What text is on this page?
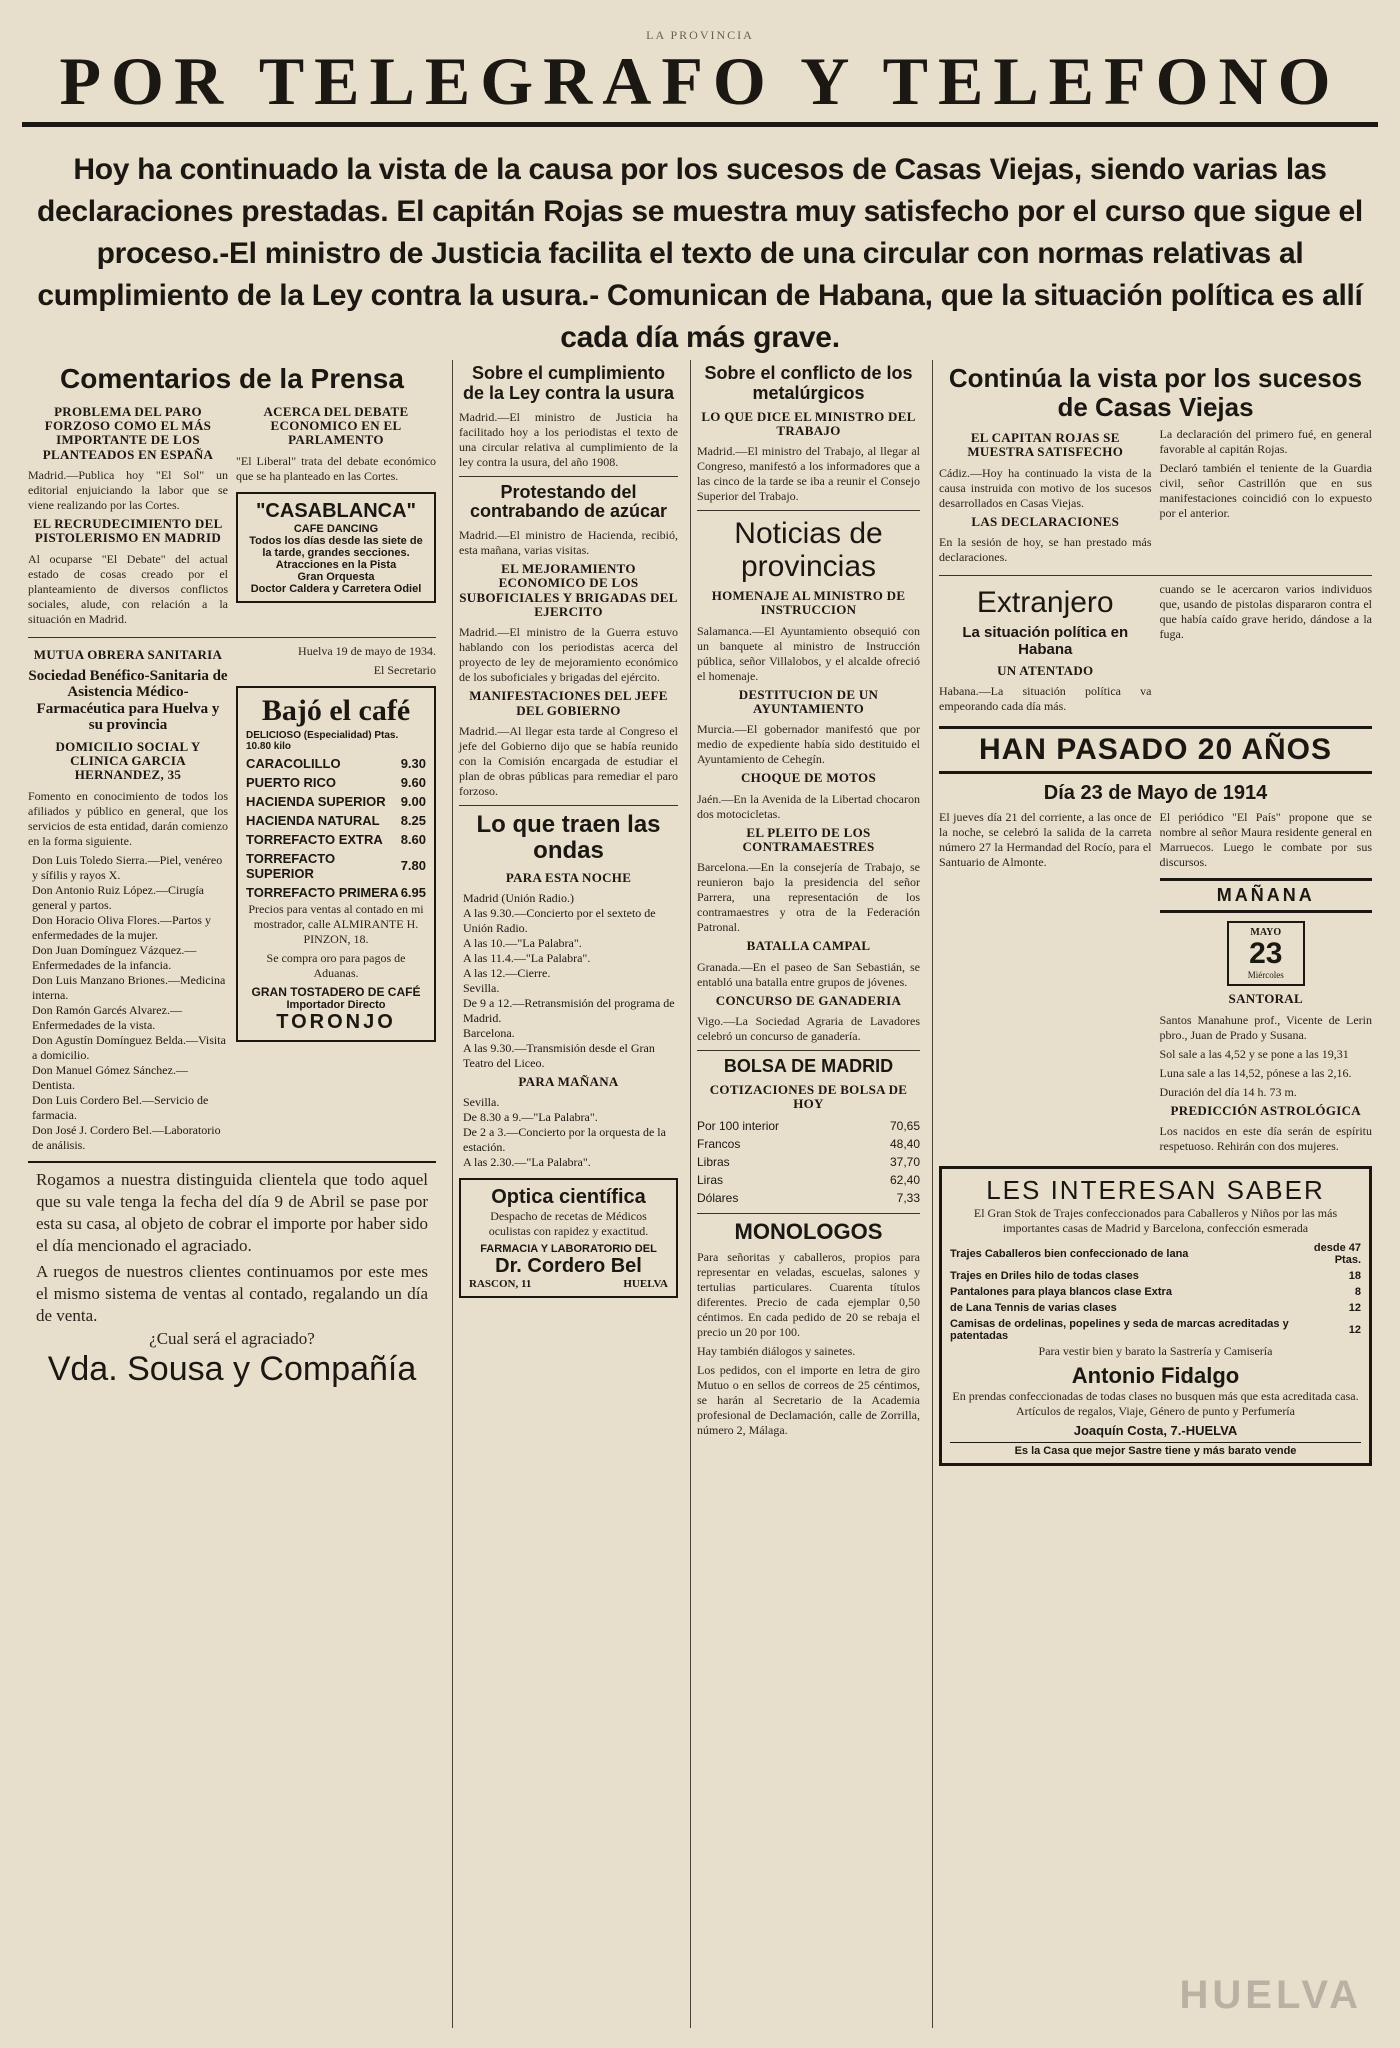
LA PROVINCIA
POR TELEGRAFO Y TELEFONO
Hoy ha continuado la vista de la causa por los sucesos de Casas Viejas, siendo varias las declaraciones prestadas. El capitán Rojas se muestra muy satisfecho por el curso que sigue el proceso.-El ministro de Justicia facilita el texto de una circular con normas relativas al cumplimiento de la Ley contra la usura.- Comunican de Habana, que la situación política es allí cada día más grave.
Comentarios de la Prensa
PROBLEMA DEL PARO FORZOSO COMO EL MÁS IMPORTANTE DE LOS PLANTEADOS EN ESPAÑA

Madrid.—Publica hoy "El Sol" un editorial enjuiciando la labor que se viene realizando por las Cortes.

EL RECRUDECIMIENTO DEL PISTOLERISMO EN MADRID

Al ocuparse "El Debate" del actual estado de cosas creado por el planteamiento de diversos conflictos sociales, alude, con relación a la situación en Madrid.

ACERCA DEL DEBATE ECONOMICO EN EL PARLAMENTO

"El Liberal" trata del debate económico que se ha planteado en las Cortes.

"CASABLANCA"
CAFE DANCING
Todos los días desde las siete de la tarde, grandes secciones.
Atracciones en la Pista
Gran Orquesta
Doctor Caldera y Carretera Odiel
MUTUA OBRERA SANITARIA
Sociedad Benéfico-Sanitaria de Asistencia Médico-Farmacéutica para Huelva y su provincia
DOMICILIO SOCIAL Y CLINICA GARCIA HERNANDEZ, 35

Fomento en conocimiento de todos los afiliados y público en general, que los servicios de esta entidad, darán comienzo en la forma siguiente.

Don Luis Toledo Sierra.—Piel, venéreo y sífilis y rayos X.
Don Antonio Ruiz López.—Cirugía general y partos.
Don Horacio Oliva Flores.—Partos y enfermedades de la mujer.
Don Juan Domínguez Vázquez.—Enfermedades de la infancia.
Don Luis Manzano Briones.—Medicina interna.
Don Ramón Garcés Alvarez.—Enfermedades de la vista.
Don Agustín Domínguez Belda.—Visita a domicilio.
Don Manuel Gómez Sánchez.—Dentista.
Don Luis Cordero Bel.—Servicio de farmacia.
Don José J. Cordero Bel.—Laboratorio de análisis.

Huelva 19 de mayo de 1934.

El Secretario

Bajó el café
DELICIOSO (Especialidad) Ptas. 10.80 kilo	
CARACOLILLO	9.30
PUERTO RICO	9.60
HACIENDA SUPERIOR	9.00
HACIENDA NATURAL	8.25
TORREFACTO EXTRA	8.60
TORREFACTO SUPERIOR	7.80
TORREFACTO PRIMERA	6.95

Precios para ventas al contado en mi mostrador, calle ALMIRANTE H. PINZON, 18.

Se compra oro para pagos de Aduanas.

GRAN TOSTADERO DE CAFÉ
Importador Directo
TORONJO

Rogamos a nuestra distinguida clientela que todo aquel que su vale tenga la fecha del día 9 de Abril se pase por esta su casa, al objeto de cobrar el importe por haber sido el día mencionado el agraciado.

A ruegos de nuestros clientes continuamos por este mes el mismo sistema de ventas al contado, regalando un día de venta.

¿Cual será el agraciado?

Vda. Sousa y Compañía
Sobre el cumplimiento de la Ley contra la usura

Madrid.—El ministro de Justicia ha facilitado hoy a los periodistas el texto de una circular relativa al cumplimiento de la ley contra la usura, del año 1908.

Protestando del contrabando de azúcar

Madrid.—El ministro de Hacienda, recibió, esta mañana, varias visitas.

EL MEJORAMIENTO ECONOMICO DE LOS SUBOFICIALES Y BRIGADAS DEL EJERCITO

Madrid.—El ministro de la Guerra estuvo hablando con los periodistas acerca del proyecto de ley de mejoramiento económico de los suboficiales y brigadas del ejército.

MANIFESTACIONES DEL JEFE DEL GOBIERNO

Madrid.—Al llegar esta tarde al Congreso el jefe del Gobierno dijo que se había reunido con la Comisión encargada de estudiar el plan de obras públicas para remediar el paro forzoso.

Lo que traen las ondas
PARA ESTA NOCHE
Madrid (Unión Radio.)
A las 9.30.—Concierto por el sexteto de Unión Radio.
A las 10.—"La Palabra".
A las 11.4.—"La Palabra".
A las 12.—Cierre.
Sevilla.
De 9 a 12.—Retransmisión del programa de Madrid.
Barcelona.
A las 9.30.—Transmisión desde el Gran Teatro del Liceo.
PARA MAÑANA
Sevilla.
De 8.30 a 9.—"La Palabra".
De 2 a 3.—Concierto por la orquesta de la estación.
A las 2.30.—"La Palabra".
Optica científica

Despacho de recetas de Médicos oculistas con rapidez y exactitud.

FARMACIA Y LABORATORIO DEL
Dr. Cordero Bel
RASCON, 11	HUELVA
Sobre el conflicto de los metalúrgicos
LO QUE DICE EL MINISTRO DEL TRABAJO

Madrid.—El ministro del Trabajo, al llegar al Congreso, manifestó a los informadores que a las cinco de la tarde se iba a reunir el Consejo Superior del Trabajo.

Noticias de provincias
HOMENAJE AL MINISTRO DE INSTRUCCION

Salamanca.—El Ayuntamiento obsequió con un banquete al ministro de Instrucción pública, señor Villalobos, y el alcalde ofreció el homenaje.

DESTITUCION DE UN AYUNTAMIENTO

Murcia.—El gobernador manifestó que por medio de expediente había sido destituido el Ayuntamiento de Cehegín.

CHOQUE DE MOTOS

Jaén.—En la Avenida de la Libertad chocaron dos motocicletas.

EL PLEITO DE LOS CONTRAMAESTRES

Barcelona.—En la consejería de Trabajo, se reunieron bajo la presidencia del señor Parrera, una representación de los contramaestres y otra de la Federación Patronal.

BATALLA CAMPAL

Granada.—En el paseo de San Sebastián, se entabló una batalla entre grupos de jóvenes.

CONCURSO DE GANADERIA

Vigo.—La Sociedad Agraria de Lavadores celebró un concurso de ganadería.

BOLSA DE MADRID
COTIZACIONES DE BOLSA DE HOY
Por 100 interior	70,65
Francos	48,40
Libras	37,70
Liras	62,40
Dólares	7,33
MONOLOGOS

Para señoritas y caballeros, propios para representar en veladas, escuelas, salones y tertulias particulares. Cuarenta títulos diferentes. Precio de cada ejemplar 0,50 céntimos. En cada pedido de 20 se rebaja el precio un 20 por 100.

Hay también diálogos y sainetes.

Los pedidos, con el importe en letra de giro Mutuo o en sellos de correos de 25 céntimos, se harán al Secretario de la Academia profesional de Declamación, calle de Zorrilla, número 2, Málaga.

Continúa la vista por los sucesos de Casas Viejas
EL CAPITAN ROJAS SE MUESTRA SATISFECHO

Cádiz.—Hoy ha continuado la vista de la causa instruida con motivo de los sucesos desarrollados en Casas Viejas.

LAS DECLARACIONES

En la sesión de hoy, se han prestado más declaraciones.

La declaración del primero fué, en general favorable al capitán Rojas.

Declaró también el teniente de la Guardia civil, señor Castrillón que en sus manifestaciones coincidió con lo expuesto por el anterior.

Extranjero
La situación política en Habana
UN ATENTADO

Habana.—La situación política va empeorando cada día más.

cuando se le acercaron varios individuos que, usando de pistolas dispararon contra el que había caído grave herido, dándose a la fuga.

HAN PASADO 20 AÑOS
Día 23 de Mayo de 1914

El jueves día 21 del corriente, a las once de la noche, se celebró la salida de la carreta número 27 la Hermandad del Rocío, para el Santuario de Almonte.

El periódico "El País" propone que se nombre al señor Maura residente general en Marruecos. Luego le combate por sus discursos.

MAÑANA
MAYO
23
Miércoles
SANTORAL

Santos Manahune prof., Vicente de Lerin pbro., Juan de Prado y Susana.

Sol sale a las 4,52 y se pone a las 19,31

Luna sale a las 14,52, pónese a las 2,16.

Duración del día 14 h. 73 m.

PREDICCIÓN ASTROLÓGICA

Los nacidos en este día serán de espíritu respetuoso. Rehirán con dos mujeres.

LES INTERESAN SABER

El Gran Stok de Trajes confeccionados para Caballeros y Niños por las más importantes casas de Madrid y Barcelona, confección esmerada

Trajes Caballeros bien confeccionado de lana	desde 47 Ptas.
Trajes en Driles hilo de todas clases	18
Pantalones para playa blancos clase Extra	8
de Lana Tennis de varias clases	12
Camisas de ordelinas, popelines y seda de marcas acreditadas y patentadas	12

Para vestir bien y barato la Sastrería y Camisería

Antonio Fidalgo

En prendas confeccionadas de todas clases no busquen más que esta acreditada casa. Artículos de regalos, Viaje, Género de punto y Perfumería

Joaquín Costa, 7.-HUELVA
Es la Casa que mejor Sastre tiene y más barato vende
HUELVA
